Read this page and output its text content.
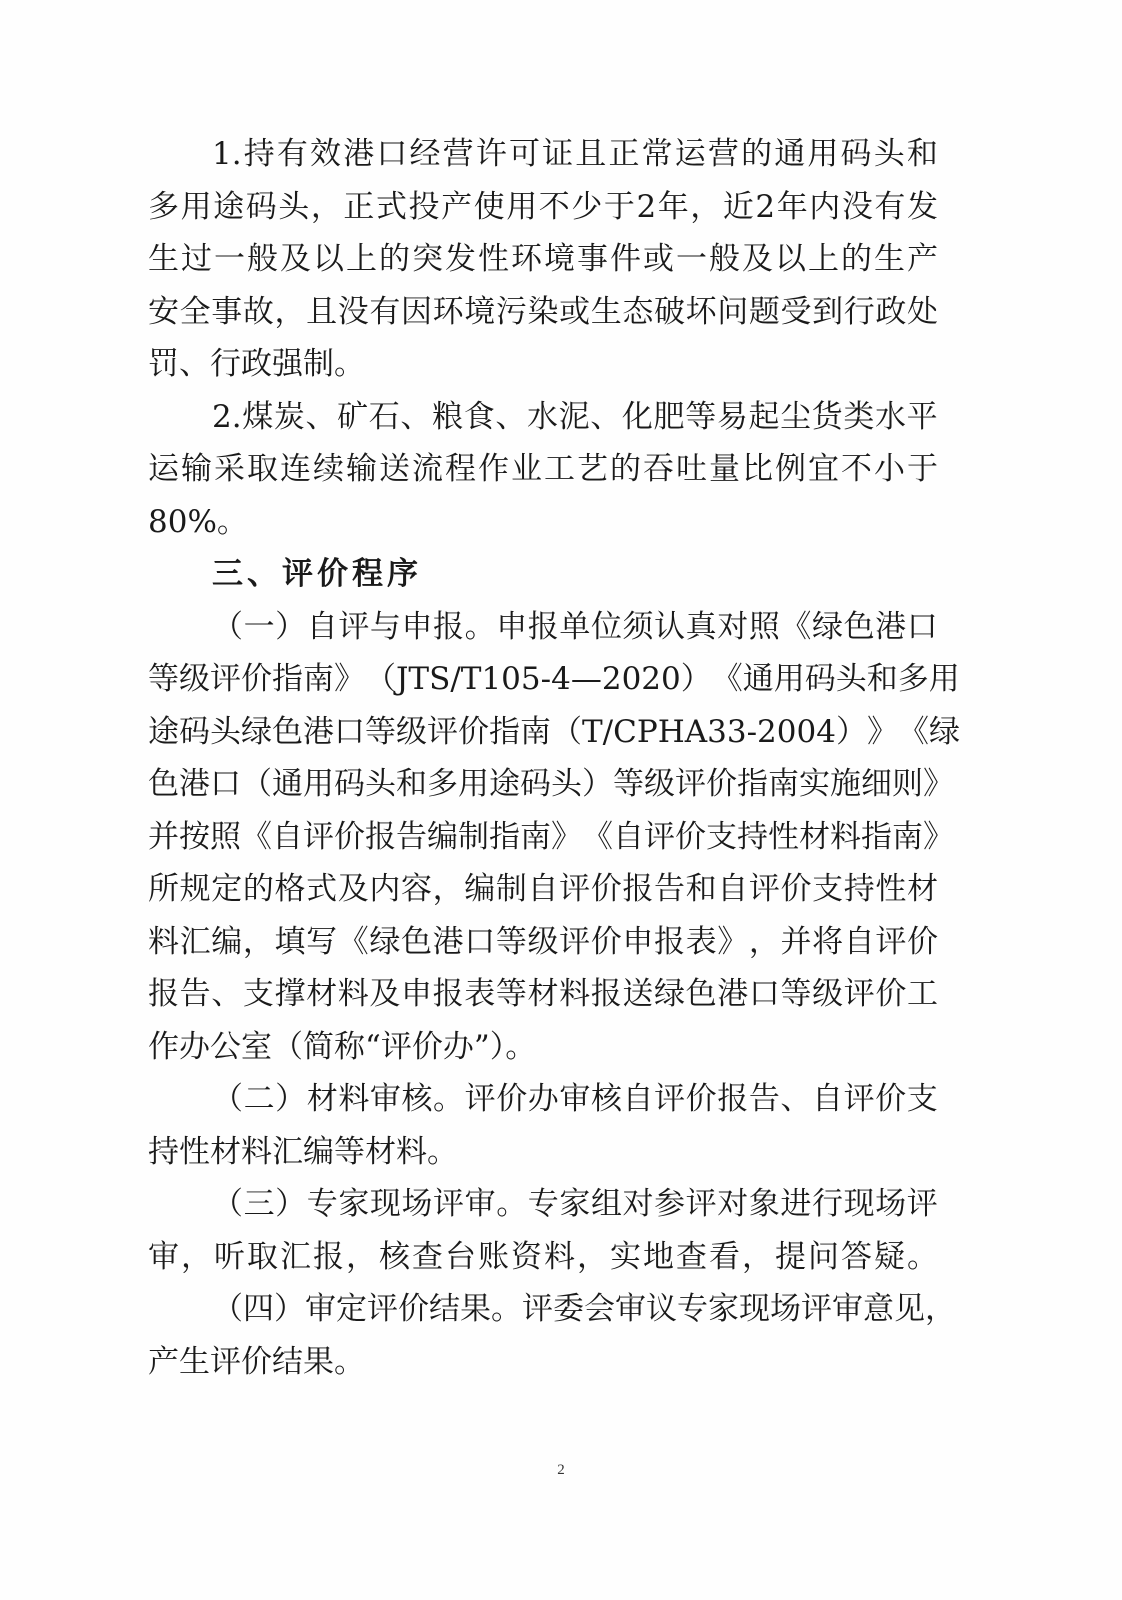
1. 持 有 效 港 口 经 营 许 可 证 且 正 常 运 营 的 通 用 码 头 和
多 用 途 码 头 ， 正 式 投 产 使 用 不 少 于 2 年 ， 近 2 年 内 没 有 发
生 过 一 般 及 以 上 的 突 发 性 环 境 事 件 或 一 般 及 以 上 的 生 产
安 全 事 故 ， 且 没 有 因 环 境 污 染 或 生 态 破 坏 问 题 受 到 行 政 处
罚、行政强制。
2. 煤 炭 、 矿 石 、 粮 食 、 水 泥 、 化 肥 等 易 起 尘 货 类 水 平
运 输 采 取 连 续 输 送 流 程 作 业 工 艺 的 吞 吐 量 比 例 宜 不 小 于
80%。
三、评价程序
（ 一 ） 自 评 与 申 报 。 申 报 单 位 须 认 真 对 照 《 绿 色 港 口
等 级 评 价 指 南 》 （ JTS/T105-4 — 2020 ） 《 通 用 码 头 和 多 用
途 码 头 绿 色 港 口 等 级 评 价 指 南 （ T/CPHA 33-2004 ） 》 《 绿
色 港 口 （ 通 用 码 头 和 多 用 途 码 头 ） 等 级 评 价 指 南 实 施 细 则 》
并 按 照 《 自 评 价 报 告 编 制 指 南 》 《 自 评 价 支 持 性 材 料 指 南 》
所 规 定 的 格 式 及 内 容 ， 编 制 自 评 价 报 告 和 自 评 价 支 持 性 材
料 汇 编 ， 填 写 《 绿 色 港 口 等 级 评 价 申 报 表 》 ， 并 将 自 评 价
报 告 、 支 撑 材 料 及 申 报 表 等 材 料 报 送 绿 色 港 口 等 级 评 价 工
作办公室（简称“评价办”）。
（ 二 ） 材 料 审 核 。 评 价 办 审 核 自 评 价 报 告 、 自 评 价 支
持性材料汇编等材料。
（ 三 ） 专 家 现 场 评 审 。 专 家 组 对 参 评 对 象 进 行 现 场 评
审 ， 听 取 汇 报 ， 核 查 台 账 资 料 ， 实 地 查 看 ， 提 问 答 疑 。
（ 四 ） 审 定 评 价 结 果 。 评 委 会 审 议 专 家 现 场 评 审 意 见 ，
产生评价结果。
2
